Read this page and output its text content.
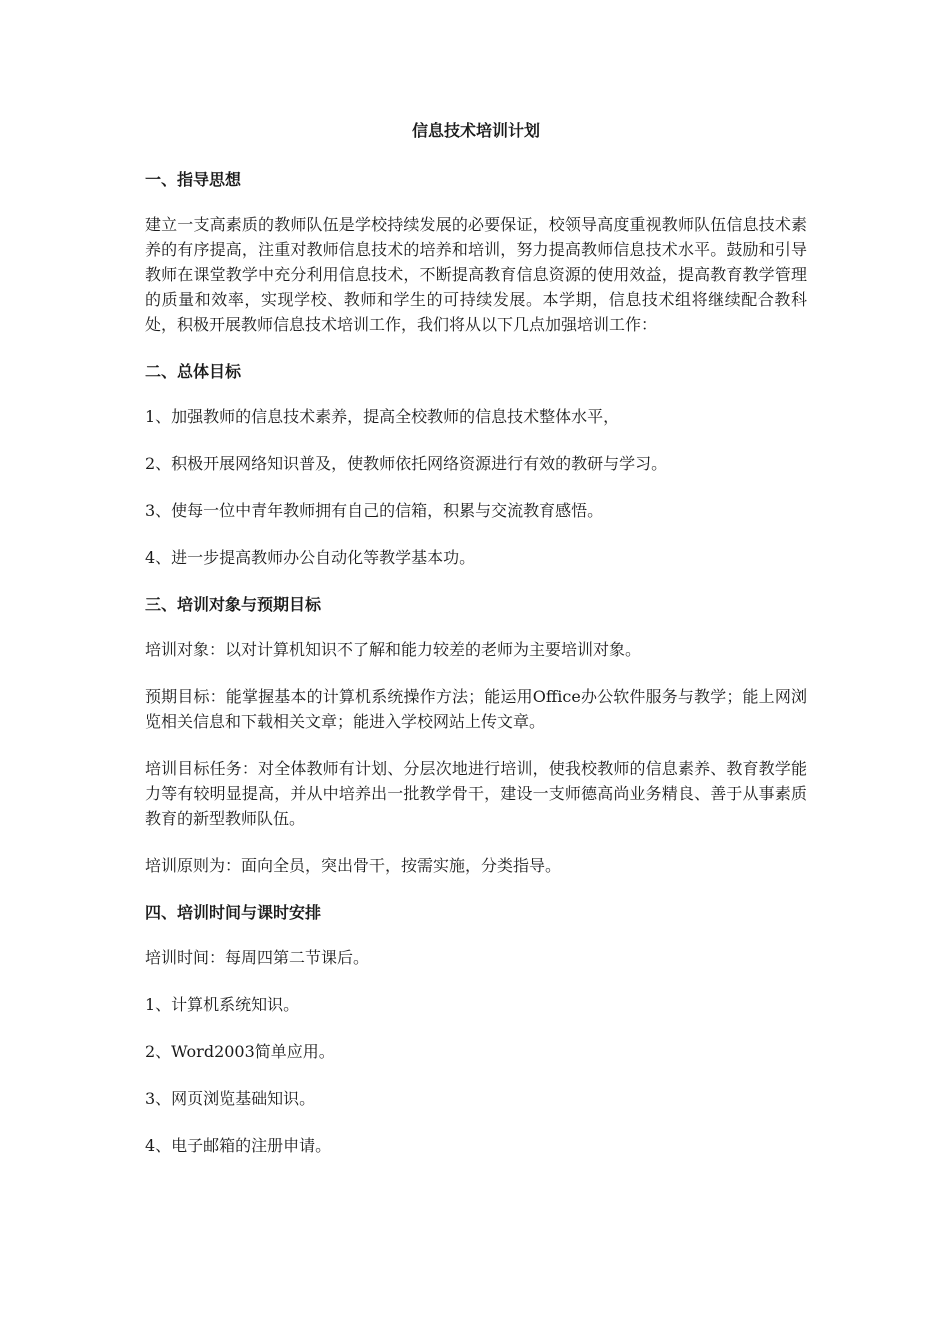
信息技术培训计划
一、指导思想
建立一支高素质的教师队伍是学校持续发展的必要保证，校领导高度重视教师队伍信息技术素养的有序提高，注重对教师信息技术的培养和培训，努力提高教师信息技术水平。鼓励和引导教师在课堂教学中充分利用信息技术，不断提高教育信息资源的使用效益，提高教育教学管理的质量和效率，实现学校、教师和学生的可持续发展。本学期，信息技术组将继续配合教科处，积极开展教师信息技术培训工作，我们将从以下几点加强培训工作：
二、总体目标
1、加强教师的信息技术素养，提高全校教师的信息技术整体水平，
2、积极开展网络知识普及，使教师依托网络资源进行有效的教研与学习。
3、使每一位中青年教师拥有自己的信箱，积累与交流教育感悟。
4、进一步提高教师办公自动化等教学基本功。
三、培训对象与预期目标
培训对象：以对计算机知识不了解和能力较差的老师为主要培训对象。
预期目标：能掌握基本的计算机系统操作方法；能运用Office办公软件服务与教学；能上网浏览相关信息和下载相关文章；能进入学校网站上传文章。
培训目标任务：对全体教师有计划、分层次地进行培训，使我校教师的信息素养、教育教学能力等有较明显提高，并从中培养出一批教学骨干，建设一支师德高尚业务精良、善于从事素质教育的新型教师队伍。
培训原则为：面向全员，突出骨干，按需实施，分类指导。
四、培训时间与课时安排
培训时间：每周四第二节课后。
1、计算机系统知识。
2、Word2003简单应用。
3、网页浏览基础知识。
4、电子邮箱的注册申请。
